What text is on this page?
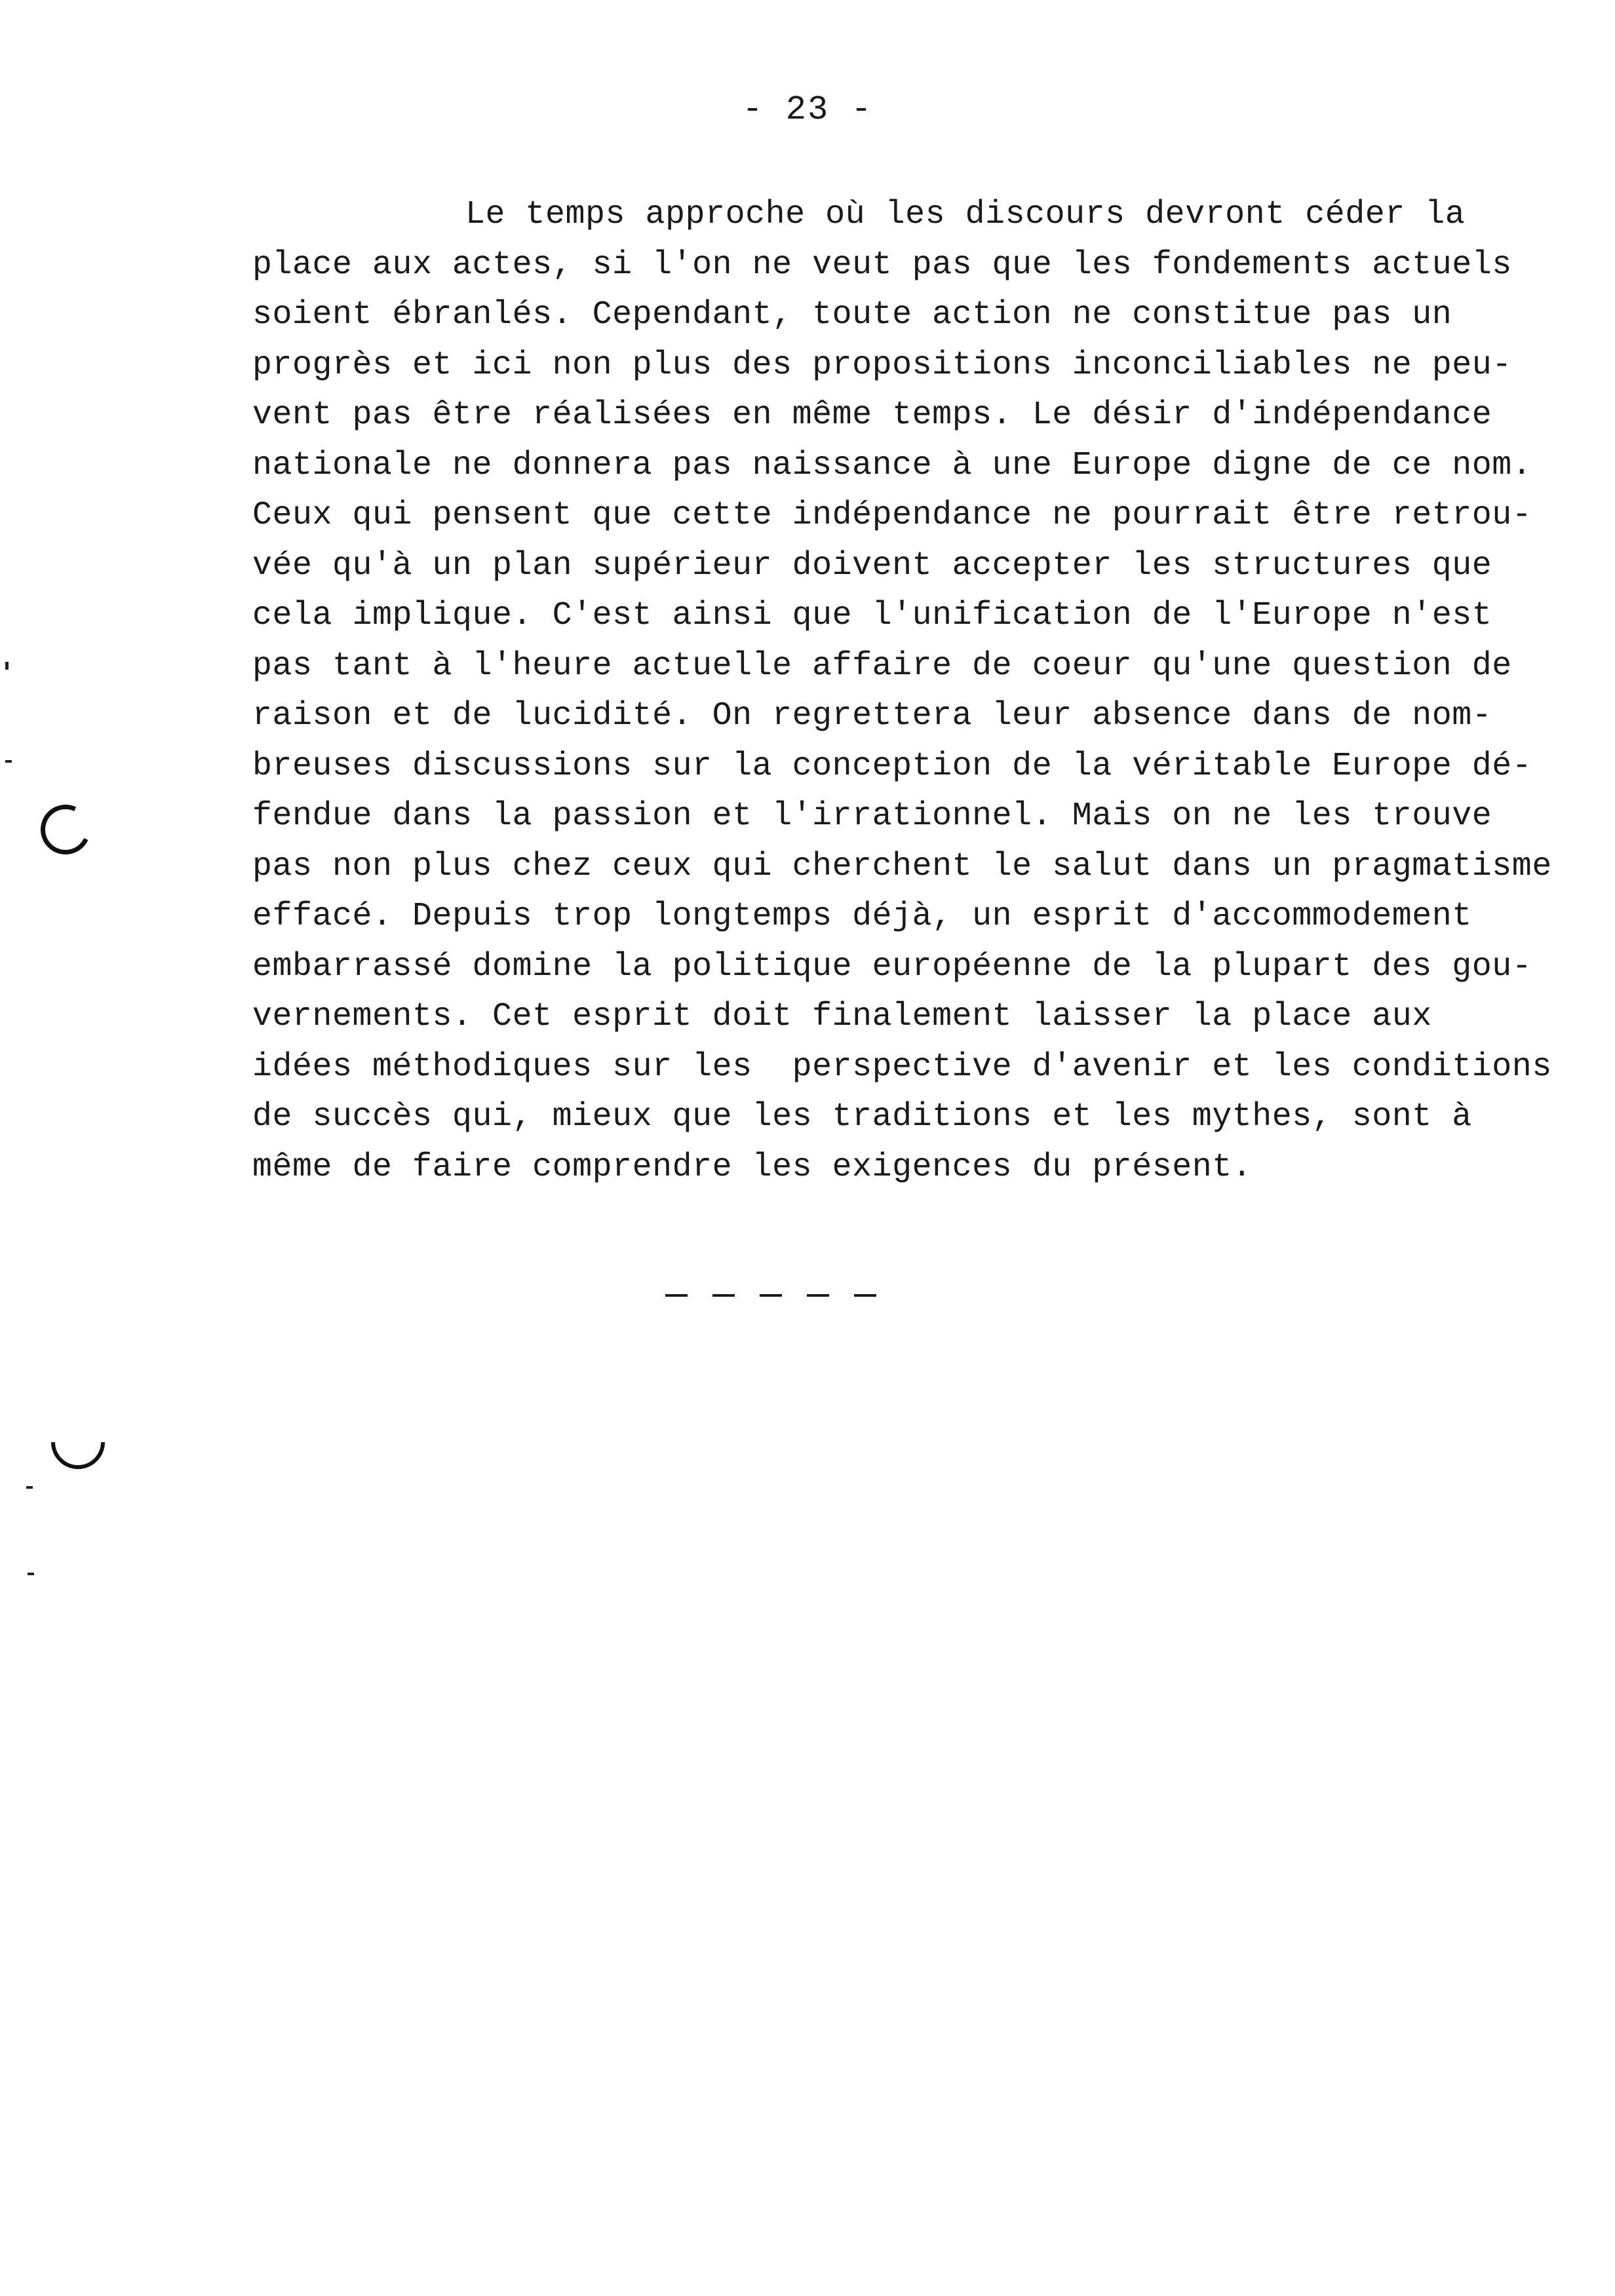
- 23 -
Le temps approche où les discours devront céder la
place aux actes, si l'on ne veut pas que les fondements actuels
soient ébranlés. Cependant, toute action ne constitue pas un
progrès et ici non plus des propositions inconciliables ne peu-
vent pas être réalisées en même temps. Le désir d'indépendance
nationale ne donnera pas naissance à une Europe digne de ce nom.
Ceux qui pensent que cette indépendance ne pourrait être retrou-
vée qu'à un plan supérieur doivent accepter les structures que
cela implique. C'est ainsi que l'unification de l'Europe n'est
pas tant à l'heure actuelle affaire de coeur qu'une question de
raison et de lucidité. On regrettera leur absence dans de nom-
breuses discussions sur la conception de la véritable Europe dé-
fendue dans la passion et l'irrationnel. Mais on ne les trouve
pas non plus chez ceux qui cherchent le salut dans un pragmatisme
effacé. Depuis trop longtemps déjà, un esprit d'accommodement
embarrassé domine la politique européenne de la plupart des gou-
vernements. Cet esprit doit finalement laisser la place aux
idées méthodiques sur les  perspective d'avenir et les conditions
de succès qui, mieux que les traditions et les mythes, sont à
même de faire comprendre les exigences du présent.
